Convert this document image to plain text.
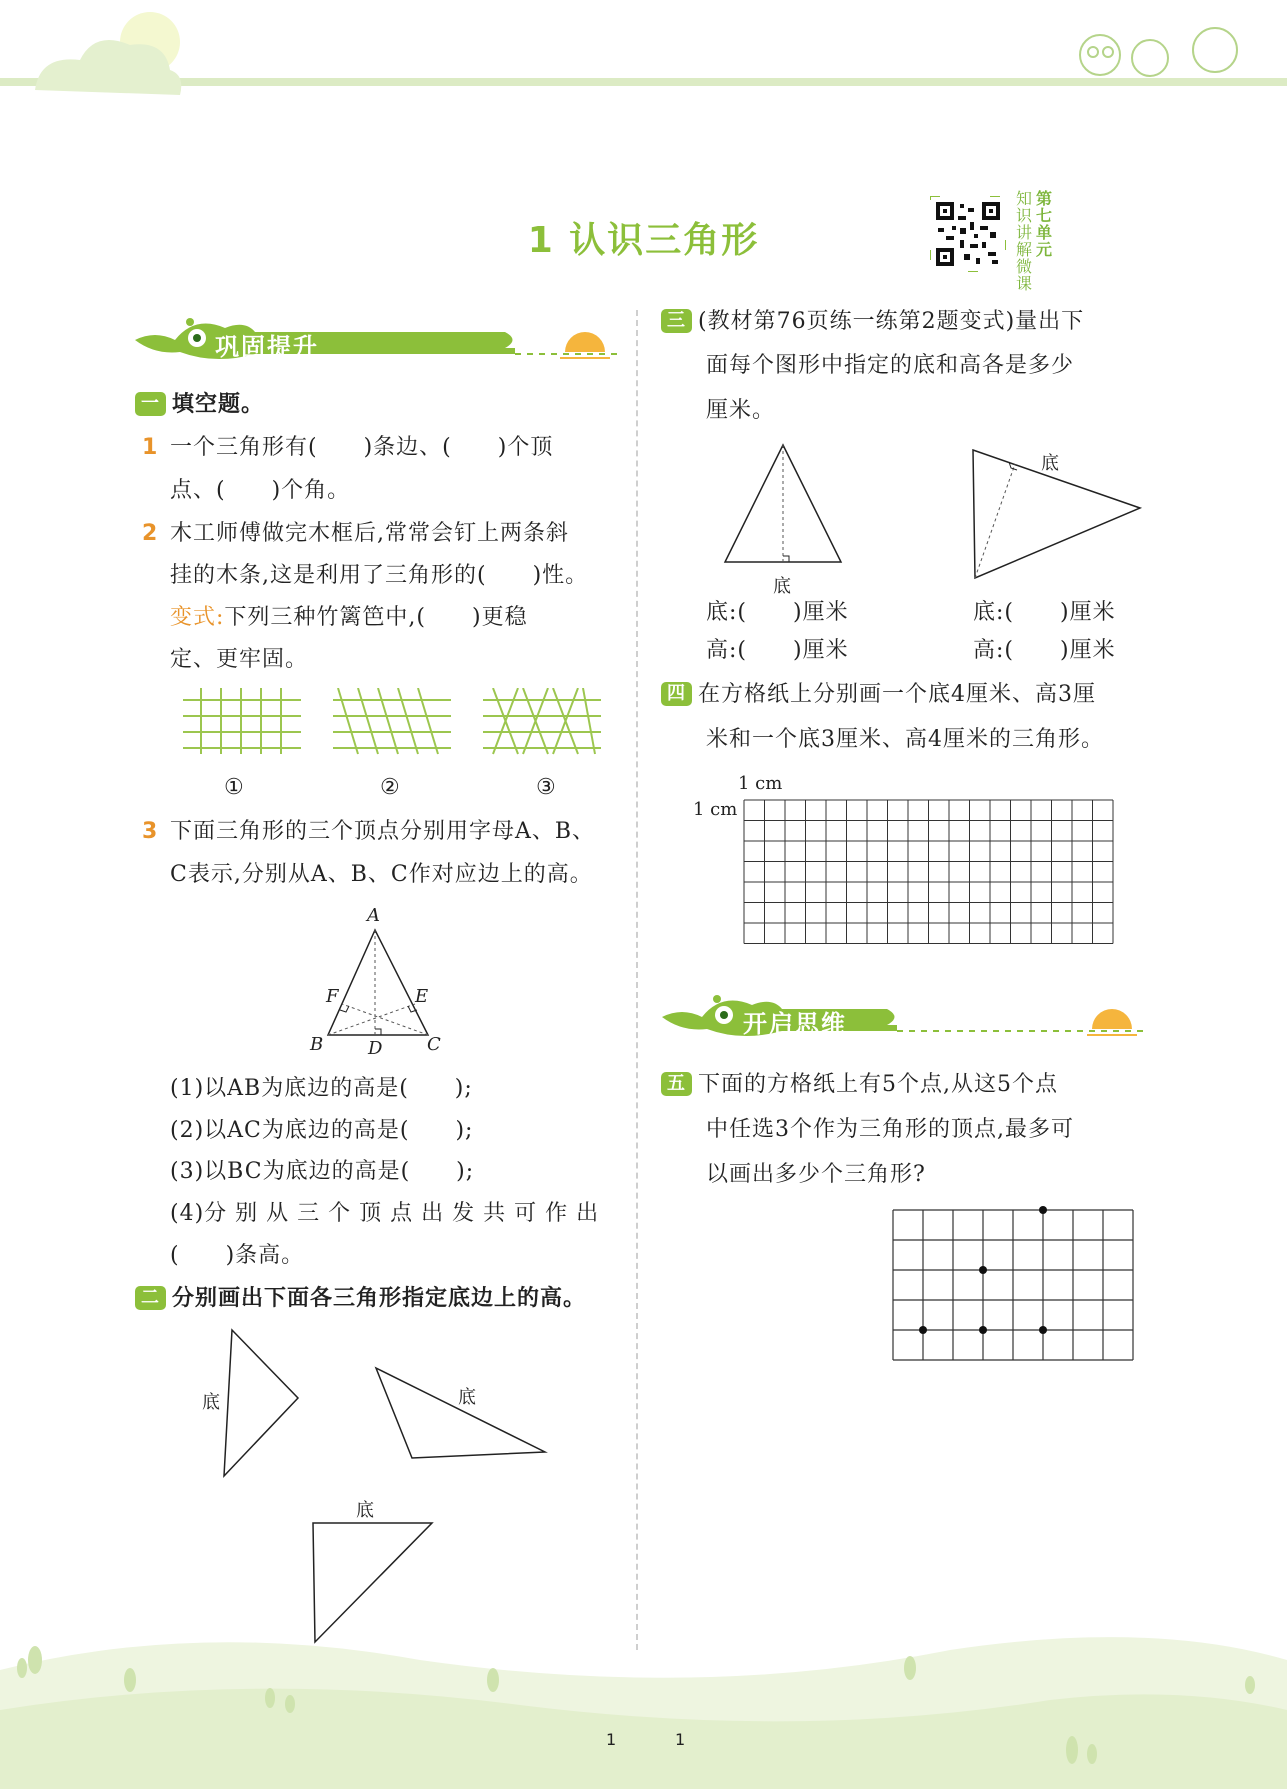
1 认识三角形
知识讲解微课
第七单元
巩固提升
一 填空题。
1 一个三角形有(　　)条边、(　　)个顶
点、(　　)个角。
2 木工师傅做完木框后,常常会钉上两条斜
挂的木条,这是利用了三角形的(　　)性。
变式:下列三种竹篱笆中,(　　)更稳
定、更牢固。
①	②	③
3 下面三角形的三个顶点分别用字母A、B、
C表示,分别从A、B、C作对应边上的高。
A
B D C
E
F
(1)以AB为底边的高是(　　);
(2)以AC为底边的高是(　　);
(3)以BC为底边的高是(　　);
(4)分 别 从 三 个 顶 点 出 发 共 可 作 出
(　　)条高。
二 分别画出下面各三角形指定底边上的高。
底	底
底
三 (教材第76页练一练第2题变式)量出下
面每个图形中指定的底和高各是多少
厘米。
底
底
底:(　　)厘米
高:(　　)厘米
底:(　　)厘米
高:(　　)厘米
四 在方格纸上分别画一个底4厘米、高3厘
米和一个底3厘米、高4厘米的三角形。
1 cm
1 cm
开启思维
五 下面的方格纸上有5个点,从这5个点
中任选3个作为三角形的顶点,最多可
以画出多少个三角形?
1	1
